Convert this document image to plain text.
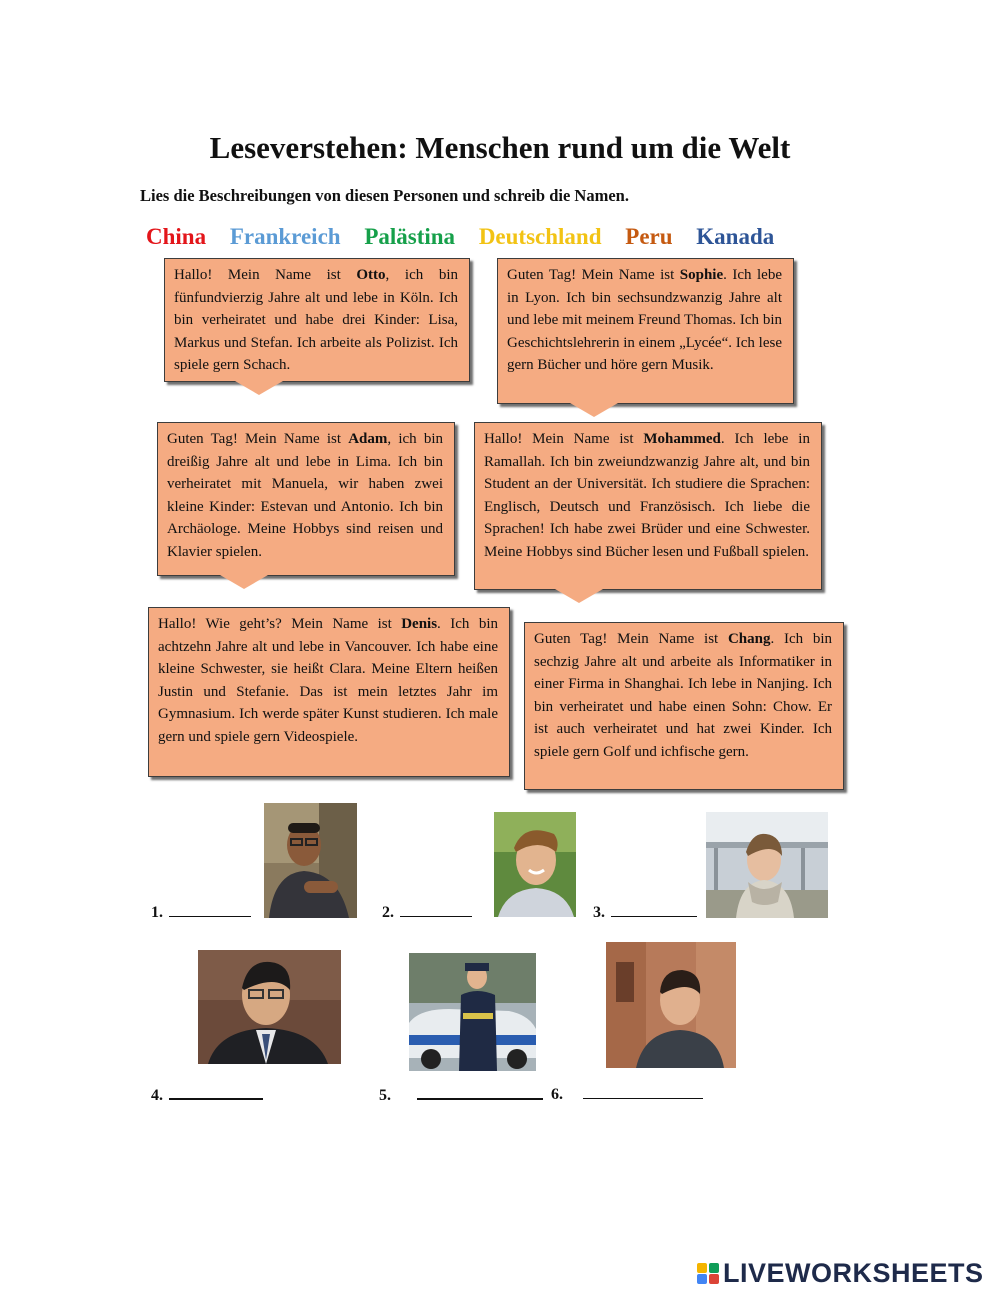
Leseverstehen: Menschen rund um die Welt
Lies die Beschreibungen von diesen Personen und schreib die Namen.
China Frankreich Palästina Deutschland Peru Kanada
Hallo! Mein Name ist Otto, ich bin fünfundvierzig Jahre alt und lebe in Köln. Ich bin verheiratet und habe drei Kinder: Lisa, Markus und Stefan. Ich arbeite als Polizist. Ich spiele gern Schach.
Guten Tag! Mein Name ist Sophie. Ich lebe in Lyon. Ich bin sechsundzwanzig Jahre alt und lebe mit meinem Freund Thomas. Ich bin Geschichtslehrerin in einem „Lycée“. Ich lese gern Bücher und höre gern Musik.
Guten Tag! Mein Name ist Adam, ich bin dreißig Jahre alt und lebe in Lima. Ich bin verheiratet mit Manuela, wir haben zwei kleine Kinder: Estevan und Antonio. Ich bin Archäologe. Meine Hobbys sind reisen und Klavier spielen.
Hallo! Mein Name ist Mohammed. Ich lebe in Ramallah. Ich bin zweiundzwanzig Jahre alt, und bin Student an der Universität. Ich studiere die Sprachen: Englisch, Deutsch und Französisch. Ich liebe die Sprachen! Ich habe zwei Brüder und eine Schwester. Meine Hobbys sind Bücher lesen und Fußball spielen.
Hallo! Wie geht’s? Mein Name ist Denis. Ich bin achtzehn Jahre alt und lebe in Vancouver. Ich habe eine kleine Schwester, sie heißt Clara. Meine Eltern heißen Justin und Stefanie. Das ist mein letztes Jahr im Gymnasium. Ich werde später Kunst studieren. Ich male gern und spiele gern Videospiele.
Guten Tag! Mein Name ist Chang. Ich bin sechzig Jahre alt und arbeite als Informatiker in einer Firma in Shanghai. Ich lebe in Nanjing. Ich bin verheiratet und habe einen Sohn: Chow. Er ist auch verheiratet und hat zwei Kinder. Ich spiele gern Golf und ichfische gern.
1.	2.	3.
4.	5.	6.
LIVEWORKSHEETS
